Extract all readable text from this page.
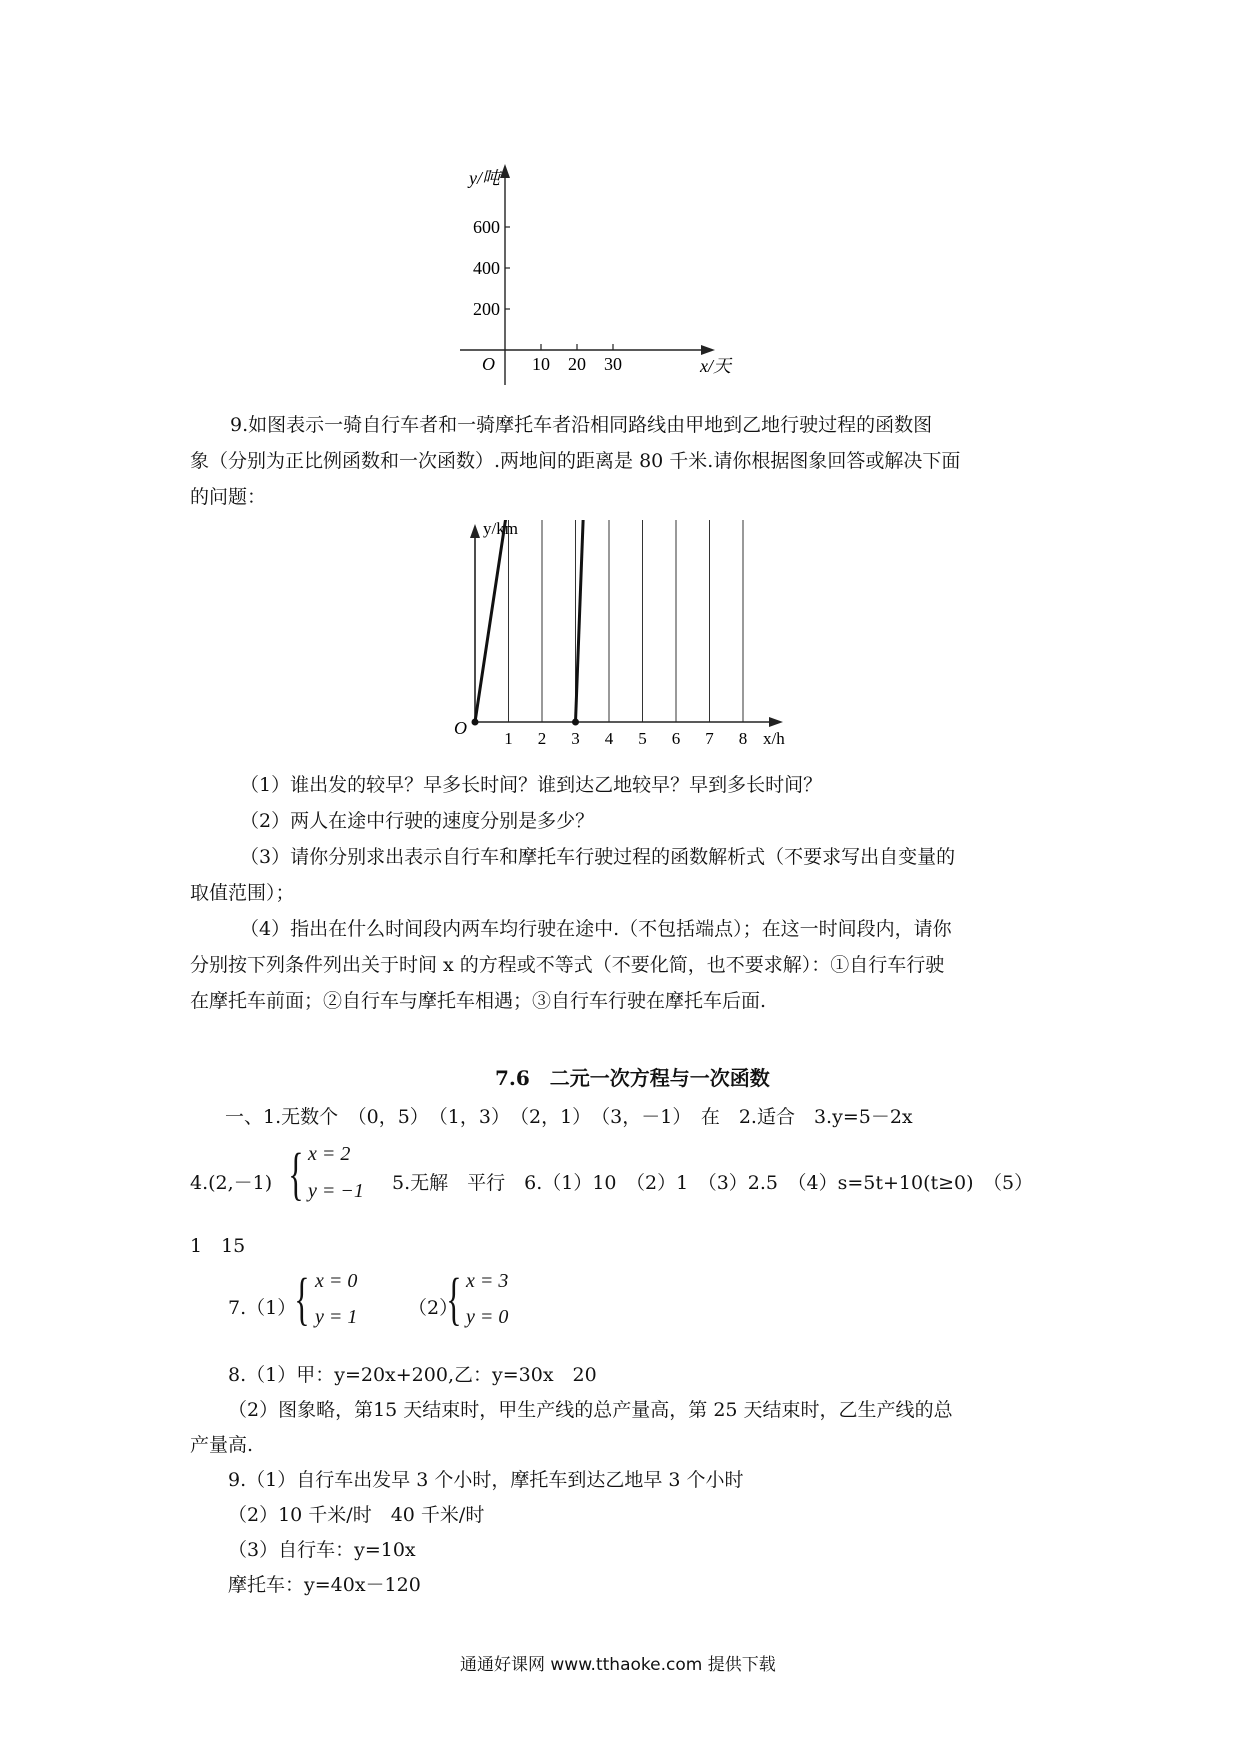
10 20 30
200
400
600
O
y/吨
x/天
9.如图表示一骑自行车者和一骑摩托车者沿相同路线由甲地到乙地行驶过程的函数图
象（分别为正比例函数和一次函数）.两地间的距离是 80 千米.请你根据图象回答或解决下面
的问题：
1 2 3 4 5 6 7 8
O
y/km
x/h
（1）谁出发的较早？早多长时间？谁到达乙地较早？早到多长时间？
（2）两人在途中行驶的速度分别是多少？
（3）请你分别求出表示自行车和摩托车行驶过程的函数解析式（不要求写出自变量的
取值范围）；
（4）指出在什么时间段内两车均行驶在途中.（不包括端点）；在这一时间段内，请你
分别按下列条件列出关于时间 x 的方程或不等式（不要化简，也不要求解）：①自行车行驶
在摩托车前面；②自行车与摩托车相遇；③自行车行驶在摩托车后面.
7.6　二元一次方程与一次函数
一、1.无数个　（0，5）　（1，3）　（2，1）　（3，－1）　在　2.适合　3.y=5－2x
4.(2,－1) { x = 2
y = −1 5.无解　平行　6.（1）10　（2）1　（3）2.5　（4）s=5t+10(t≥0)　（5）
1　15
7.（1）
{ x = 0
y = 1	（2）
{ x = 3
y = 0
8.（1）甲：y=20x+200,乙：y=30x　20
（2）图象略，第15 天结束时，甲生产线的总产量高，第 25 天结束时，乙生产线的总
产量高.
9.（1）自行车出发早 3 个小时，摩托车到达乙地早 3 个小时
（2）10 千米/时　40 千米/时
（3）自行车：y=10x
摩托车：y=40x－120
通通好课网 www.tthaoke.com 提供下载
